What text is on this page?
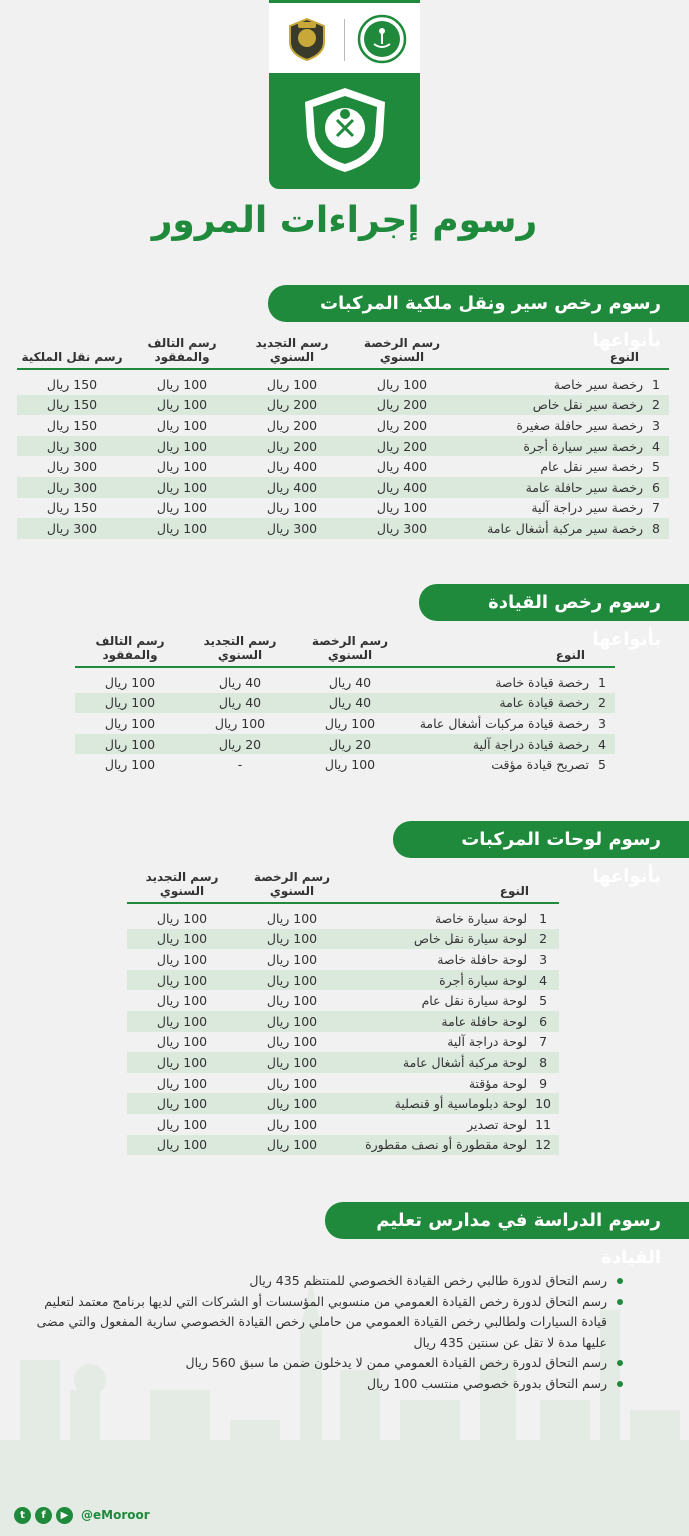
رسوم إجراءات المرور
رسوم رخص سير ونقل ملكية المركبات بأنواعها
النوع		رسم الرخصة السنوي	رسم التجديد السنوي	رسم التالف والمفقود	رسم نقل الملكية

1	رخصة سير خاصة	100 ريال	100 ريال	100 ريال	150 ريال
2	رخصة سير نقل خاص	200 ريال	200 ريال	100 ريال	150 ريال
3	رخصة سير حافلة صغيرة	200 ريال	200 ريال	100 ريال	150 ريال
4	رخصة سير سيارة أجرة	200 ريال	200 ريال	100 ريال	300 ريال
5	رخصة سير نقل عام	400 ريال	400 ريال	100 ريال	300 ريال
6	رخصة سير حافلة عامة	400 ريال	400 ريال	100 ريال	300 ريال
7	رخصة سير دراجة آلية	100 ريال	100 ريال	100 ريال	150 ريال
8	رخصة سير مركبة أشغال عامة	300 ريال	300 ريال	100 ريال	300 ريال
رسوم رخص القيادة بأنواعها
النوع		رسم الرخصة السنوي	رسم التجديد السنوي	رسم التالف والمفقود

1	رخصة قيادة خاصة	40 ريال	40 ريال	100 ريال
2	رخصة قيادة عامة	40 ريال	40 ريال	100 ريال
3	رخصة قيادة مركبات أشغال عامة	100 ريال	100 ريال	100 ريال
4	رخصة قيادة دراجة آلية	20 ريال	20 ريال	100 ريال
5	تصريح قيادة مؤقت	100 ريال	-	100 ريال
رسوم لوحات المركبات بأنواعها
النوع		رسم الرخصة السنوي	رسم التجديد السنوي

1	لوحة سيارة خاصة	100 ريال	100 ريال
2	لوحة سيارة نقل خاص	100 ريال	100 ريال
3	لوحة حافلة خاصة	100 ريال	100 ريال
4	لوحة سيارة أجرة	100 ريال	100 ريال
5	لوحة سيارة نقل عام	100 ريال	100 ريال
6	لوحة حافلة عامة	100 ريال	100 ريال
7	لوحة دراجة آلية	100 ريال	100 ريال
8	لوحة مركبة أشغال عامة	100 ريال	100 ريال
9	لوحة مؤقتة	100 ريال	100 ريال
10	لوحة دبلوماسية أو قنصلية	100 ريال	100 ريال
11	لوحة تصدير	100 ريال	100 ريال
12	لوحة مقطورة أو نصف مقطورة	100 ريال	100 ريال
رسوم الدراسة في مدارس تعليم القيادة
رسم التحاق لدورة طالبي رخص القيادة الخصوصي للمنتظم 435 ريال
رسم التحاق لدورة رخص القيادة العمومي من منسوبي المؤسسات أو الشركات التي لديها برنامج معتمد لتعليم قيادة السيارات ولطالبي رخص القيادة العمومي من حاملي رخص القيادة الخصوصي سارية المفعول والتي مضى عليها مدة لا تقل عن سنتين 435 ريال
رسم التحاق لدورة رخص القيادة العمومي ممن لا يدخلون ضمن ما سبق 560 ريال
رسم التحاق بدورة خصوصي منتسب 100 ريال
t	f	▶	@eMoroor
